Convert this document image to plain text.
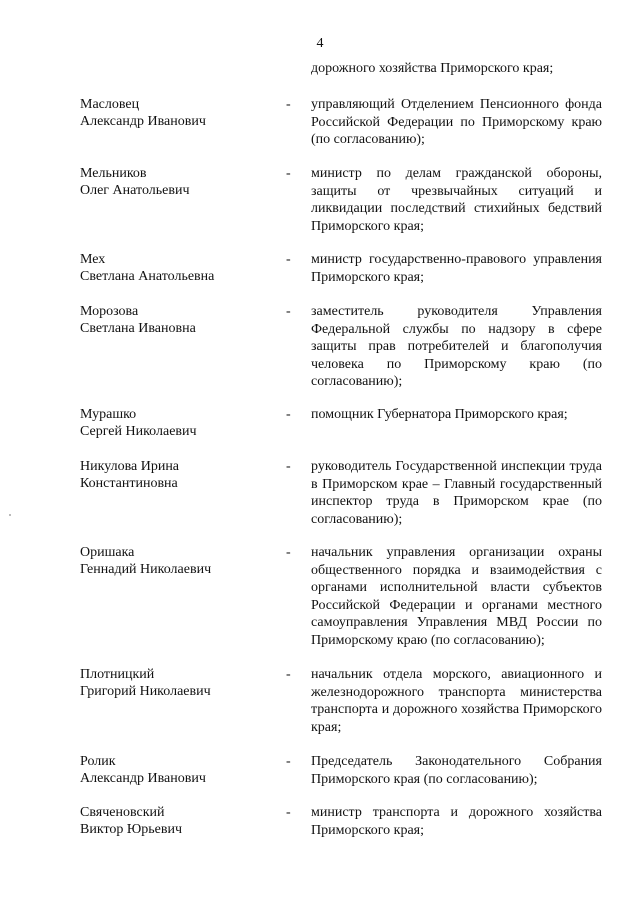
4
дорожного хозяйства Приморского края;
Масловец
Александр Иванович
- управляющий Отделением Пенсионного фонда Российской Федерации по Приморскому краю (по согласованию);
Мельников
Олег Анатольевич
- министр по делам гражданской обороны, защиты от чрезвычайных ситуаций и ликвидации последствий стихийных бедствий Приморского края;
Мех
Светлана Анатольевна
- министр государственно-правового управления Приморского края;
Морозова
Светлана Ивановна
- заместитель руководителя Управления Федеральной службы по надзору в сфере защиты прав потребителей и благополучия человека по Приморскому краю (по согласованию);
Мурашко
Сергей Николаевич
- помощник Губернатора Приморского края;
Никулова Ирина
Константиновна
- руководитель Государственной инспекции труда в Приморском крае – Главный государственный инспектор труда в Приморском крае (по согласованию);
Оришака
Геннадий Николаевич
- начальник управления организации охраны общественного порядка и взаимодействия с органами исполнительной власти субъектов Российской Федерации и органами местного самоуправления Управления МВД России по Приморскому краю (по согласованию);
Плотницкий
Григорий Николаевич
- начальник отдела морского, авиационного и железнодорожного транспорта министерства транспорта и дорожного хозяйства Приморского края;
Ролик
Александр Иванович
- Председатель Законодательного Собрания Приморского края (по согласованию);
Свяченовский
Виктор Юрьевич
- министр транспорта и дорожного хозяйства Приморского края;
